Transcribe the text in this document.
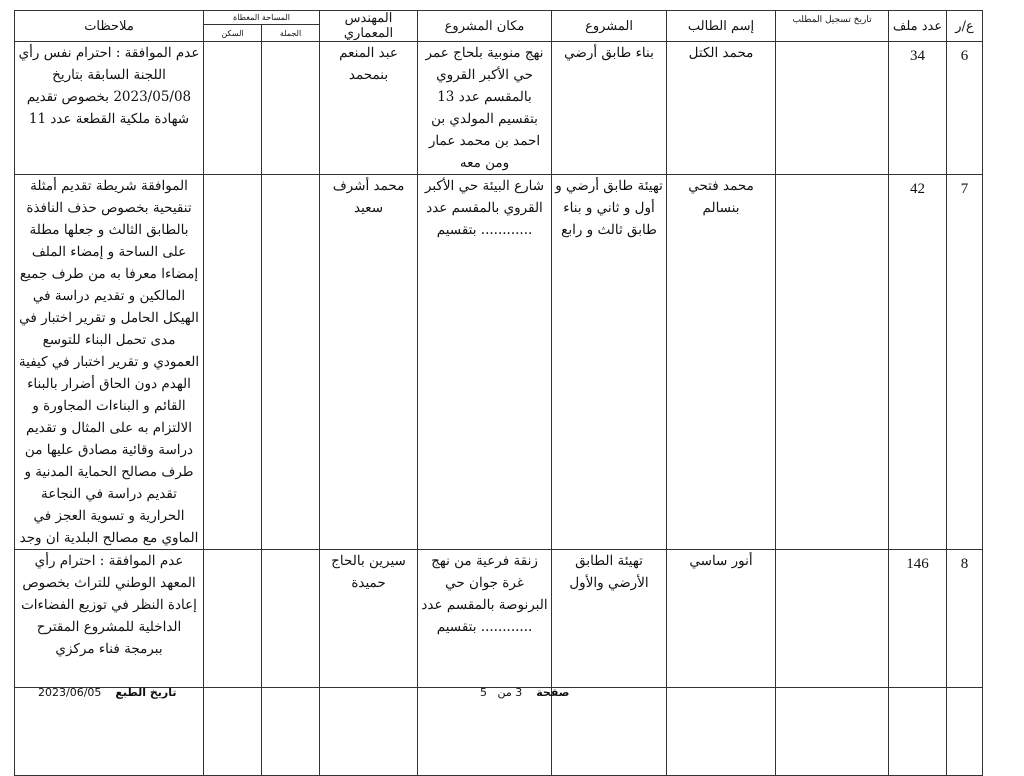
ع/ر	عدد ملف	تاريخ تسجيل المطلب	إسم الطالب	المشروع	مكان المشروع	المهندس المعماري	المساحة المغطاة		ملاحظات
							الجملة	السكن	
6	34		محمد الكتل	بناء طابق أرضي	نهج منوبية بلحاج عمر حي الأكبر القروي بالمقسم عدد 13 بتقسيم المولدي بن احمد بن محمد عمار ومن معه	عبد المنعم بنمحمد			عدم الموافقة : احترام نفس رأي اللجنة السابقة بتاريخ 2023/05/08 بخصوص تقديم شهادة ملكية القطعة عدد 11
7	42		محمد فتحي بنسالم	تهيئة طابق أرضي و أول و ثاني و بناء طابق ثالث و رابع	شارع البيئة حي الأكبر القروي بالمقسم عدد ............ بتقسيم	محمد أشرف سعيد			الموافقة شريطة تقديم أمثلة تنقيحية بخصوص حذف النافذة بالطابق الثالث و جعلها مطلة على الساحة و إمضاء الملف إمضاءا معرفا به من طرف جميع المالكين و تقديم دراسة في الهيكل الحامل و تقرير اختبار في مدى تحمل البناء للتوسع العمودي و تقرير اختبار في كيفية الهدم دون الحاق أضرار بالبناء القائم و البناءات المجاورة و الالتزام به على المثال و تقديم دراسة وقائية مصادق عليها من طرف مصالح الحماية المدنية و تقديم دراسة في النجاعة الحرارية و تسوية العجز في الماوي مع مصالح البلدية ان وجد
8	146		أنور ساسي	تهيئة الطابق الأرضي والأول	زنقة فرعية من نهج غرة جوان حي البرنوصة بالمقسم عدد ............ بتقسيم	سيرين بالحاج حميدة			عدم الموافقة : احترام رأي المعهد الوطني للتراث بخصوص إعادة النظر في توزيع الفضاءات الداخلية للمشروع المقترح ببرمجة فناء مركزي

صفحة    3 من   5
تاريخ الطبع    2023/06/05
